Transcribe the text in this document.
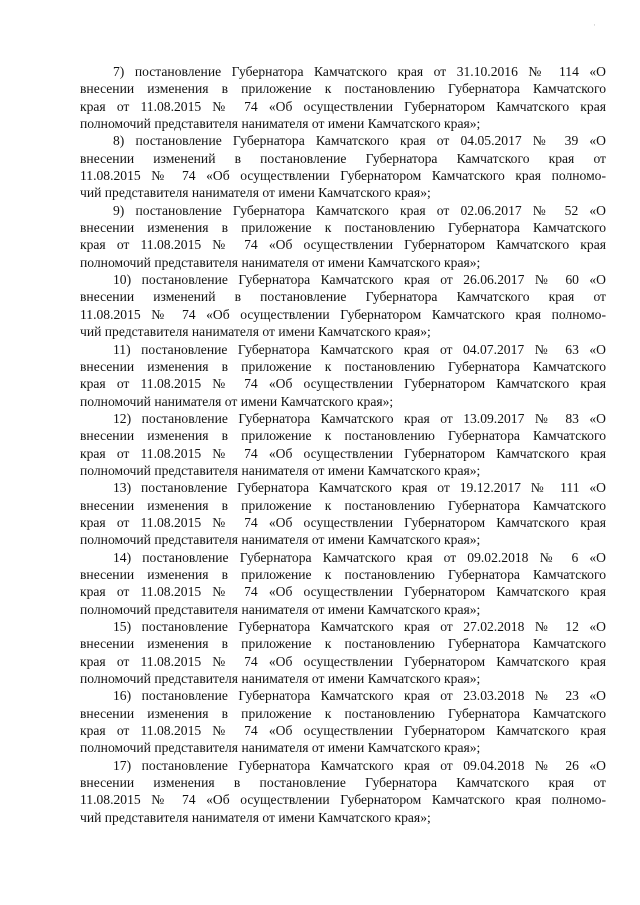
·
7) постановление Губернатора Камчатского края от 31.10.2016 № 114 «О
внесении изменения в приложение к постановлению Губернатора Камчатского
края от 11.08.2015 № 74 «Об осуществлении Губернатором Камчатского края
полномочий представителя нанимателя от имени Камчатского края»;
8) постановление Губернатора Камчатского края от 04.05.2017 № 39 «О
внесении изменений в постановление Губернатора Камчатского края от
11.08.2015 № 74 «Об осуществлении Губернатором Камчатского края полномо-
чий представителя нанимателя от имени Камчатского края»;
9) постановление Губернатора Камчатского края от 02.06.2017 № 52 «О
внесении изменения в приложение к постановлению Губернатора Камчатского
края от 11.08.2015 № 74 «Об осуществлении Губернатором Камчатского края
полномочий представителя нанимателя от имени Камчатского края»;
10) постановление Губернатора Камчатского края от 26.06.2017 № 60 «О
внесении изменений в постановление Губернатора Камчатского края от
11.08.2015 № 74 «Об осуществлении Губернатором Камчатского края полномо-
чий представителя нанимателя от имени Камчатского края»;
11) постановление Губернатора Камчатского края от 04.07.2017 № 63 «О
внесении изменения в приложение к постановлению Губернатора Камчатского
края от 11.08.2015 № 74 «Об осуществлении Губернатором Камчатского края
полномочий нанимателя от имени Камчатского края»;
12) постановление Губернатора Камчатского края от 13.09.2017 № 83 «О
внесении изменения в приложение к постановлению Губернатора Камчатского
края от 11.08.2015 № 74 «Об осуществлении Губернатором Камчатского края
полномочий представителя нанимателя от имени Камчатского края»;
13) постановление Губернатора Камчатского края от 19.12.2017 № 111 «О
внесении изменения в приложение к постановлению Губернатора Камчатского
края от 11.08.2015 № 74 «Об осуществлении Губернатором Камчатского края
полномочий представителя нанимателя от имени Камчатского края»;
14) постановление Губернатора Камчатского края от 09.02.2018 № 6 «О
внесении изменения в приложение к постановлению Губернатора Камчатского
края от 11.08.2015 № 74 «Об осуществлении Губернатором Камчатского края
полномочий представителя нанимателя от имени Камчатского края»;
15) постановление Губернатора Камчатского края от 27.02.2018 № 12 «О
внесении изменения в приложение к постановлению Губернатора Камчатского
края от 11.08.2015 № 74 «Об осуществлении Губернатором Камчатского края
полномочий представителя нанимателя от имени Камчатского края»;
16) постановление Губернатора Камчатского края от 23.03.2018 № 23 «О
внесении изменения в приложение к постановлению Губернатора Камчатского
края от 11.08.2015 № 74 «Об осуществлении Губернатором Камчатского края
полномочий представителя нанимателя от имени Камчатского края»;
17) постановление Губернатора Камчатского края от 09.04.2018 № 26 «О
внесении изменения в постановление Губернатора Камчатского края от
11.08.2015 № 74 «Об осуществлении Губернатором Камчатского края полномо-
чий представителя нанимателя от имени Камчатского края»;
